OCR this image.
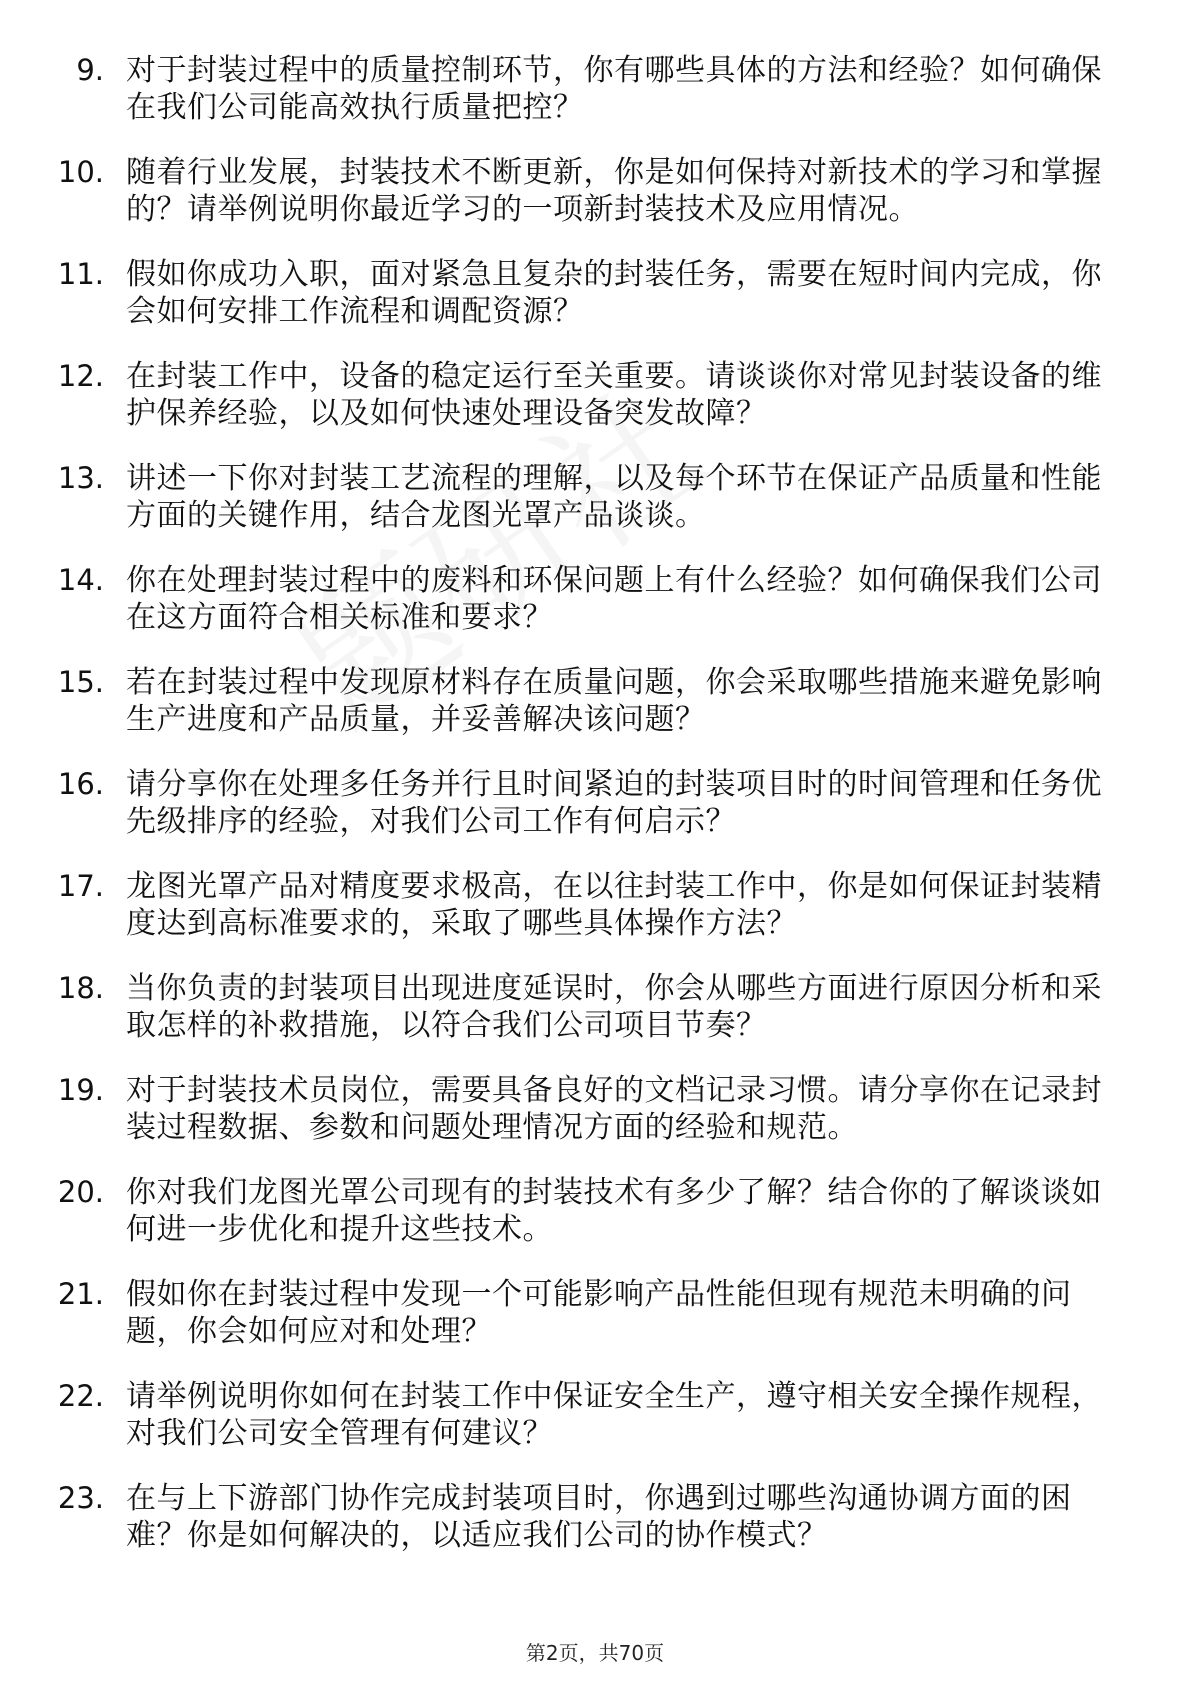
9. 对于封装过程中的质量控制环节，你有哪些具体的方法和经验？如何确保在我们公司能高效执行质量把控？
10. 随着行业发展，封装技术不断更新，你是如何保持对新技术的学习和掌握的？请举例说明你最近学习的一项新封装技术及应用情况。
11. 假如你成功入职，面对紧急且复杂的封装任务，需要在短时间内完成，你会如何安排工作流程和调配资源？
12. 在封装工作中，设备的稳定运行至关重要。请谈谈你对常见封装设备的维护保养经验，以及如何快速处理设备突发故障？
13. 讲述一下你对封装工艺流程的理解，以及每个环节在保证产品质量和性能方面的关键作用，结合龙图光罩产品谈谈。
14. 你在处理封装过程中的废料和环保问题上有什么经验？如何确保我们公司在这方面符合相关标准和要求？
15. 若在封装过程中发现原材料存在质量问题，你会采取哪些措施来避免影响生产进度和产品质量，并妥善解决该问题？
16. 请分享你在处理多任务并行且时间紧迫的封装项目时的时间管理和任务优先级排序的经验，对我们公司工作有何启示？
17. 龙图光罩产品对精度要求极高，在以往封装工作中，你是如何保证封装精度达到高标准要求的，采取了哪些具体操作方法？
18. 当你负责的封装项目出现进度延误时，你会从哪些方面进行原因分析和采取怎样的补救措施，以符合我们公司项目节奏？
19. 对于封装技术员岗位，需要具备良好的文档记录习惯。请分享你在记录封装过程数据、参数和问题处理情况方面的经验和规范。
20. 你对我们龙图光罩公司现有的封装技术有多少了解？结合你的了解谈谈如何进一步优化和提升这些技术。
21. 假如你在封装过程中发现一个可能影响产品性能但现有规范未明确的问题，你会如何应对和处理？
22. 请举例说明你如何在封装工作中保证安全生产，遵守相关安全操作规程，对我们公司安全管理有何建议？
23. 在与上下游部门协作完成封装项目时，你遇到过哪些沟通协调方面的困难？你是如何解决的，以适应我们公司的协作模式？
第2页，共70页
